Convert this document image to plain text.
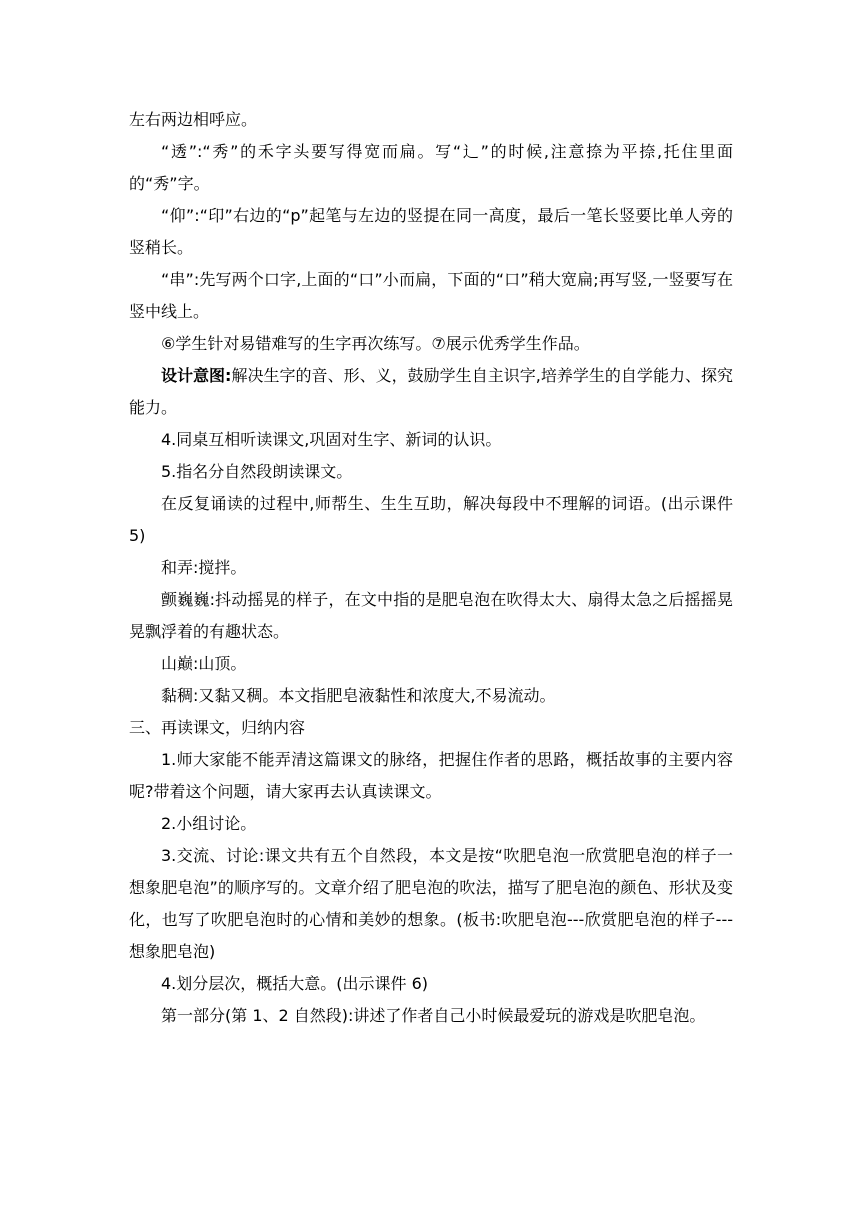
左右两边相呼应。

“透”:“秀”的禾字头要写得宽而扁。写“辶”的时候,注意捺为平捺,托住里面的“秀”字。

“仰”:“印”右边的“p”起笔与左边的竖提在同一高度，最后一笔长竖要比单人旁的竖稍长。

“串”:先写两个口字,上面的“口”小而扁，下面的“口”稍大宽扁;再写竖,一竖要写在竖中线上。

⑥学生针对易错难写的生字再次练写。⑦展示优秀学生作品。

设计意图:解决生字的音、形、义，鼓励学生自主识字,培养学生的自学能力、探究能力。

4.同桌互相听读课文,巩固对生字、新词的认识。

5.指名分自然段朗读课文。

在反复诵读的过程中,师帮生、生生互助，解决每段中不理解的词语。(出示课件 5)

和弄:搅拌。

颤巍巍:抖动摇晃的样子，在文中指的是肥皂泡在吹得太大、扇得太急之后摇摇晃晃飘浮着的有趣状态。

山巅:山顶。

黏稠:又黏又稠。本文指肥皂液黏性和浓度大,不易流动。

三、再读课文，归纳内容

1.师大家能不能弄清这篇课文的脉络，把握住作者的思路，概括故事的主要内容呢?带着这个问题，请大家再去认真读课文。

2.小组讨论。

3.交流、讨论:课文共有五个自然段，本文是按“吹肥皂泡一欣赏肥皂泡的样子一想象肥皂泡”的顺序写的。文章介绍了肥皂泡的吹法，描写了肥皂泡的颜色、形状及变化，也写了吹肥皂泡时的心情和美妙的想象。(板书:吹肥皂泡---欣赏肥皂泡的样子---想象肥皂泡)

4.划分层次，概括大意。(出示课件 6)

第一部分(第 1、2 自然段):讲述了作者自己小时候最爱玩的游戏是吹肥皂泡。
